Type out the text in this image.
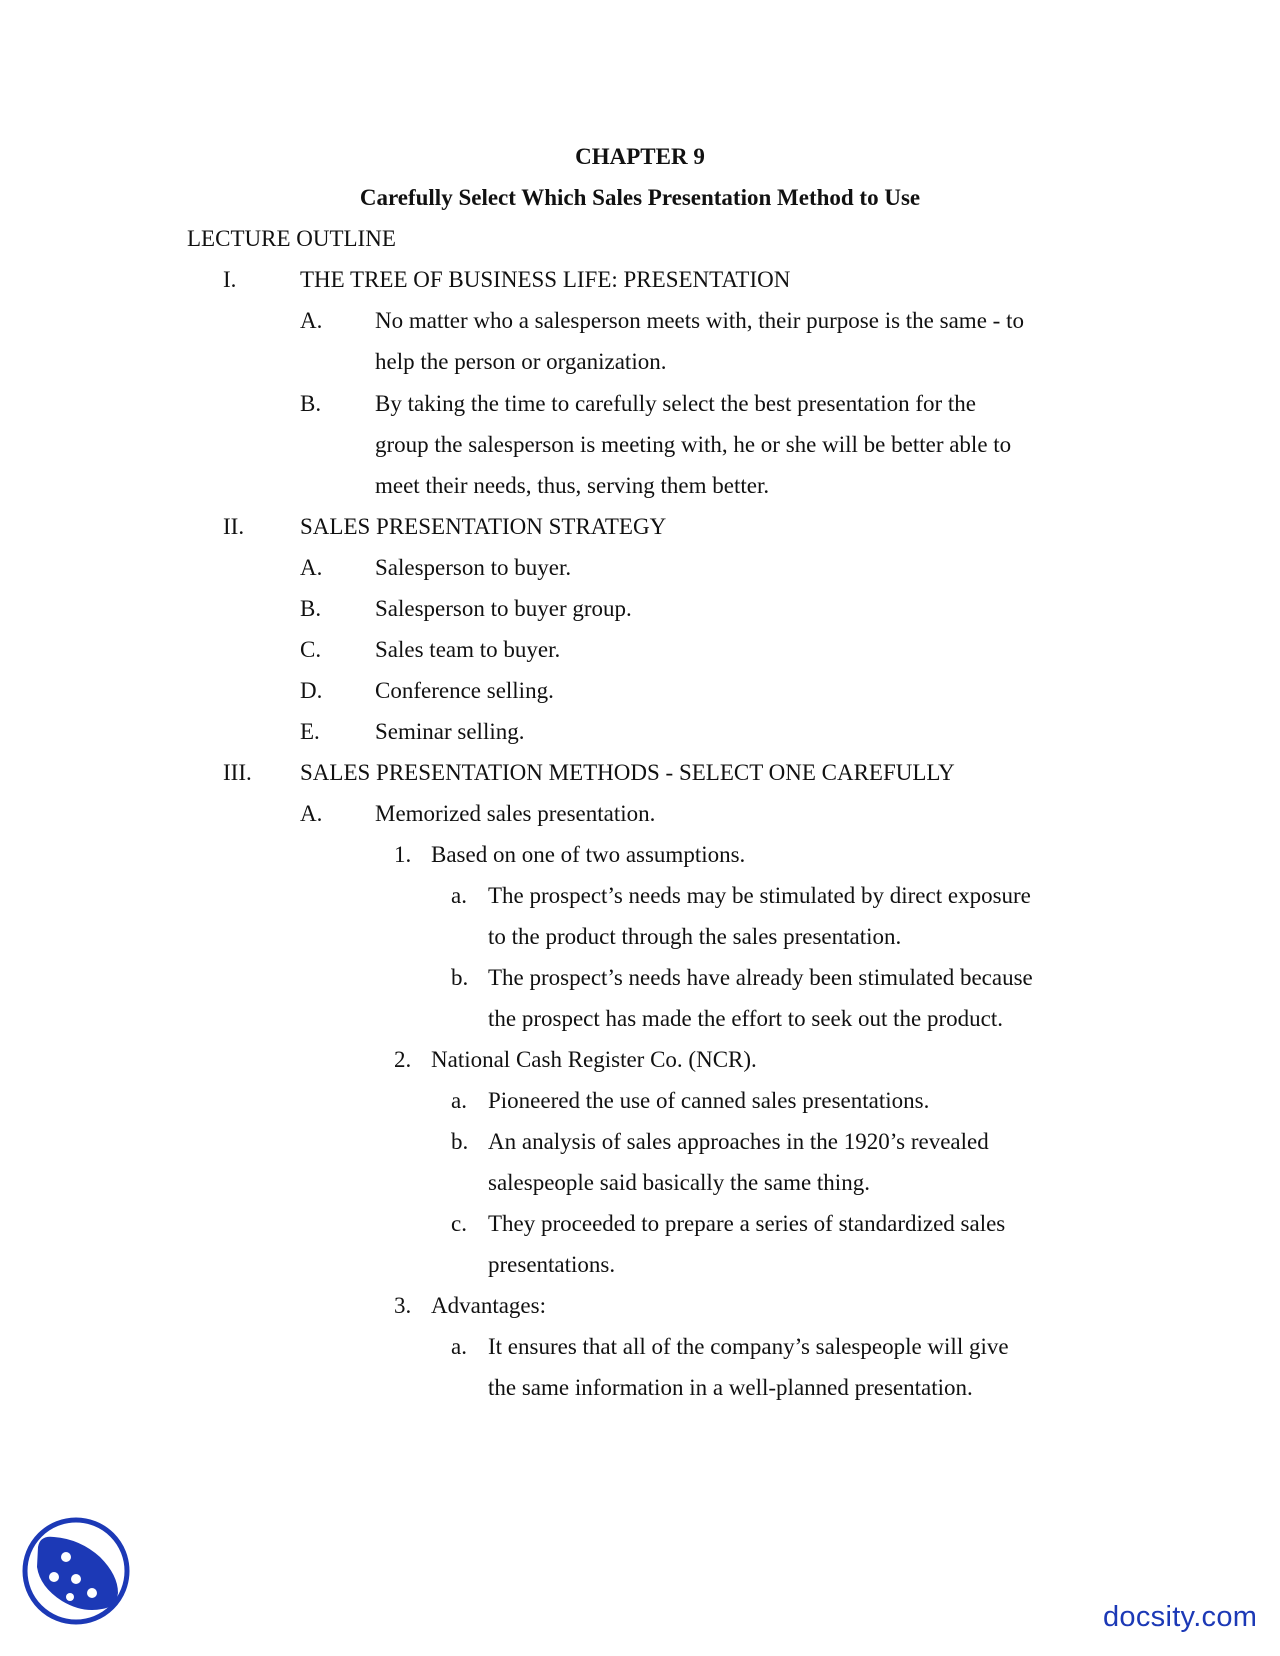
CHAPTER 9
Carefully Select Which Sales Presentation Method to Use
LECTURE OUTLINE
I.	THE TREE OF BUSINESS LIFE: PRESENTATION
A. No matter who a salesperson meets with, their purpose is the same - to
help the person or organization.
B. By taking the time to carefully select the best presentation for the
group the salesperson is meeting with, he or she will be better able to
meet their needs, thus, serving them better.
II. SALES PRESENTATION STRATEGY
A. Salesperson to buyer.
B. Salesperson to buyer group.
C. Sales team to buyer.
D. Conference selling.
E. Seminar selling.
III. SALES PRESENTATION METHODS - SELECT ONE CAREFULLY
A. Memorized sales presentation.
1. Based on one of two assumptions.
a. The prospect’s needs may be stimulated by direct exposure
to the product through the sales presentation.
b. The prospect’s needs have already been stimulated because
the prospect has made the effort to seek out the product.
2. National Cash Register Co. (NCR).
a. Pioneered the use of canned sales presentations.
b. An analysis of sales approaches in the 1920’s revealed
salespeople said basically the same thing.
c. They proceeded to prepare a series of standardized sales
presentations.
3. Advantages:
a. It ensures that all of the company’s salespeople will give
the same information in a well-planned presentation.
docsity.com
